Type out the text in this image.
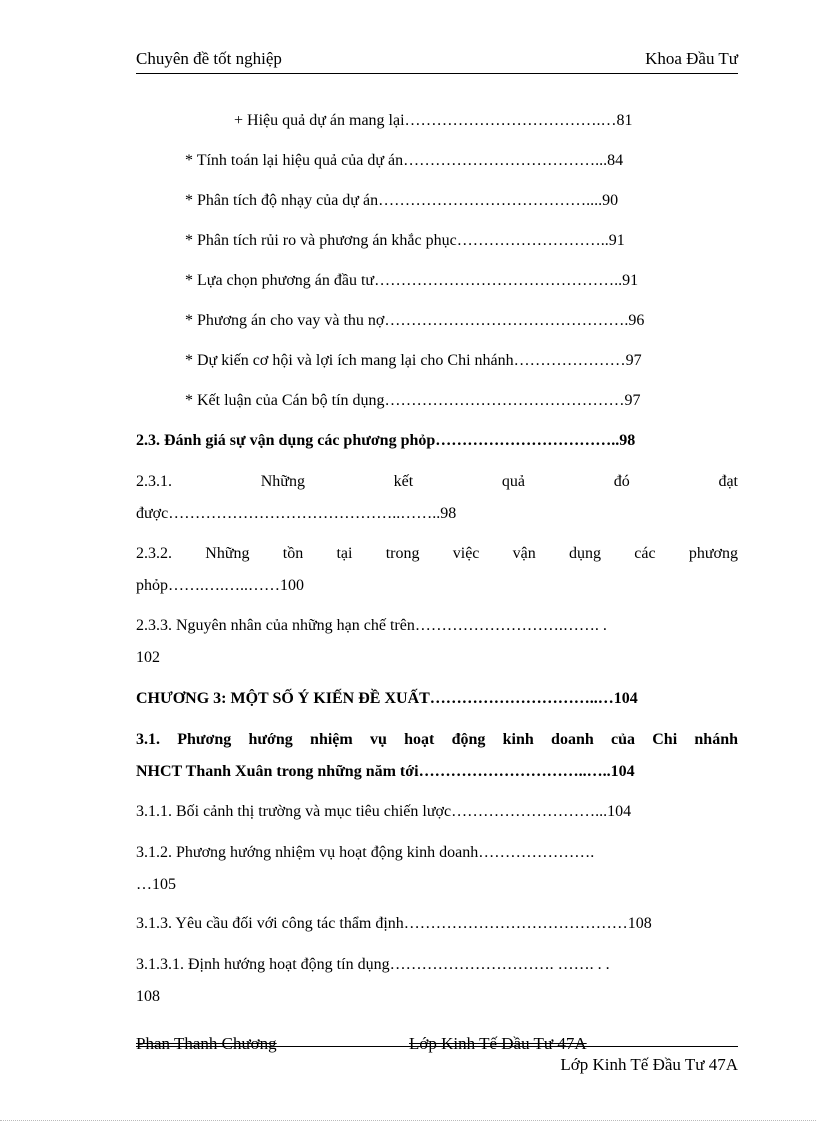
Chuyên đề tốt nghiệp	Khoa Đầu Tư
+ Hiệu quả dự án mang lại……………………………….…81
* Tính toán lại hiệu quả của dự án………………………………...84
* Phân tích độ nhạy của dự án…………………………………....90
* Phân tích rủi ro và phương án khắc phục………………………..91
* Lựa chọn phương án đầu tư………………………………………..91
* Phương án cho vay và thu nợ……………………………………….96
* Dự kiến cơ hội và lợi ích mang lại cho Chi nhánh…………………97
* Kết luận của Cán bộ tín dụng………………………………………97
2.3. Đánh giá sự vận dụng các phương phỏp……………………………..98
2.3.1. Những kết quả đó đạt
được……………………………………..……..98
2.3.2. Những tồn tại trong việc vận dụng các phương
phỏp…….….…..……100
2.3.3. Nguyên nhân của những hạn chế trên……………………….……. .
102
CHƯƠNG 3: MỘT SỐ Ý KIẾN ĐỀ XUẤT…………………………..…104
3.1. Phương hướng nhiệm vụ hoạt động kinh doanh của Chi nhánh
NHCT Thanh Xuân trong những năm tới…………………………..…..104
3.1.1. Bối cảnh thị trường và mục tiêu chiến lược………………………...104
3.1.2. Phương hướng nhiệm vụ hoạt động kinh doanh………………….
…105
3.1.3. Yêu cầu đối với công tác thẩm định……………………………………108
3.1.3.1. Định hướng hoạt động tín dụng…………………………. ……. . .
108
Phan Thanh Chương	Lớp Kinh Tế Đầu Tư 47A
Lớp Kinh Tế Đầu Tư 47A
